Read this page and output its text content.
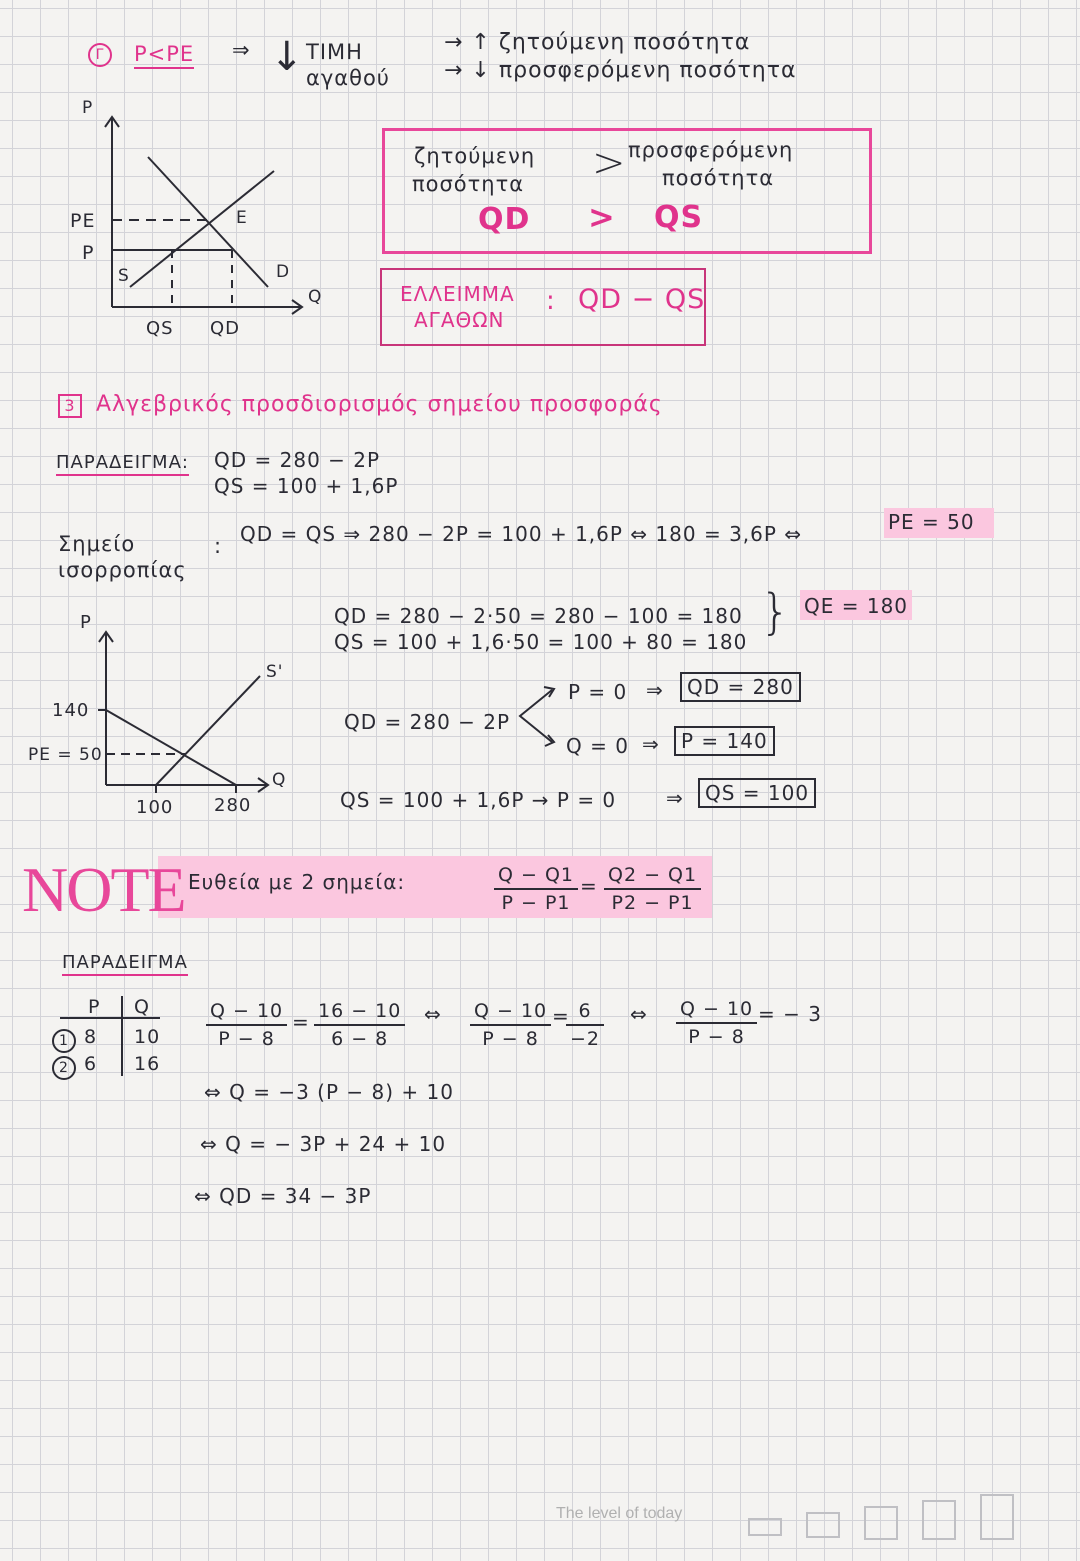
Γ	P<PE ⇒ ↓ ΤΙΜΗ
αγαθού
→ ↑ ζητούμενη ποσότητα
→ ↓ προσφερόμενη ποσότητα
P
Q
PE
P
E
S	D
QS QD
ζητούμενη
ποσότητα > προσφερόμενη
ποσότητα
QD > QS
ΕΛΛΕΙΜΜΑ
ΑΓΑΘΩΝ
: QD − QS
3 Αλγεβρικός προσδιορισμός σημείου προσφοράς
ΠΑΡΑΔΕΙΓΜΑ: QD = 280 − 2P
QS = 100 + 1,6P
Σημείο
ισορροπίας
: QD = QS ⇒ 280 − 2P = 100 + 1,6P ⇔ 180 = 3,6P ⇔	PE = 50
QD = 280 − 2·50 = 280 − 100 = 180
QS = 100 + 1,6·50 = 100 + 80 = 180
} QE = 180
QD = 280 − 2P
P = 0
Q = 0
⇒
⇒
QD = 280
P = 140
QS = 100 + 1,6P → P = 0 ⇒	QS = 100
P
Q
140
PE = 50
S'
100 280
NOTE Ευθεία με 2 σημεία:	$\frac{Q - Q1}{P - P1} = \frac{Q2 - Q1}{P2 - P1}$
ΠΑΡΑΔΕΙΓΜΑ
P Q
1 8 10
2 6 16
$\frac{Q - 10}{P - 8} = \frac{16 - 10}{6 - 8}$ ⇔ $\frac{Q - 10}{P - 8}$ =
$\frac{6}{-2}$ ⇔ $\frac{Q - 10}{P - 8}$ = − 3
⇔ Q = −3 (P − 8) + 10
⇔ Q = − 3P + 24 + 10
⇔ QD = 34 − 3P
The level of today
